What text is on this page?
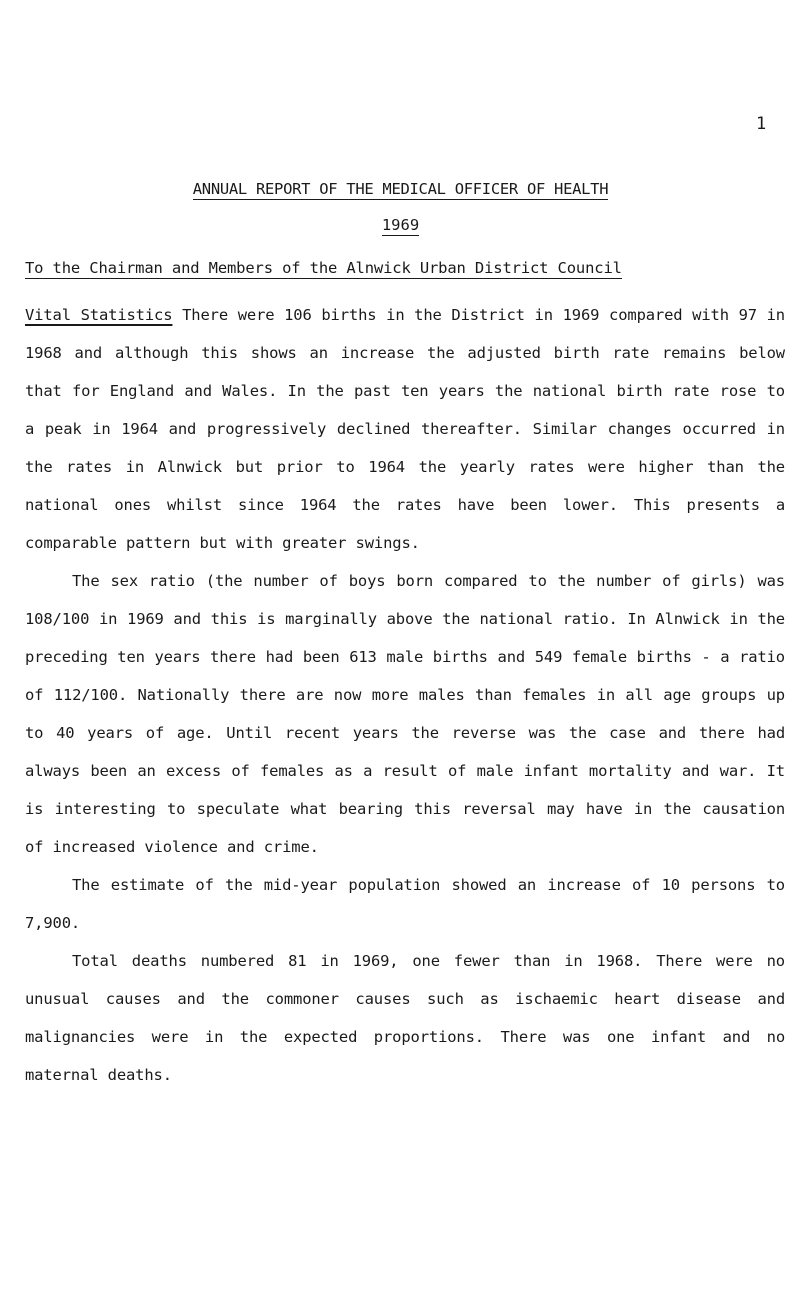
1
ANNUAL REPORT OF THE MEDICAL OFFICER OF HEALTH
1969
To the Chairman and Members of the Alnwick Urban District Council

Vital Statistics There were 106 births in the District in 1969 compared with 97 in 1968 and although this shows an increase the adjusted birth rate remains below that for England and Wales. In the past ten years the national birth rate rose to a peak in 1964 and progressively declined thereafter. Similar changes occurred in the rates in Alnwick but prior to 1964 the yearly rates were higher than the national ones whilst since 1964 the rates have been lower. This presents a comparable pattern but with greater swings.

The sex ratio (the number of boys born compared to the number of girls) was 108/100 in 1969 and this is marginally above the national ratio. In Alnwick in the preceding ten years there had been 613 male births and 549 female births - a ratio of 112/100. Nationally there are now more males than females in all age groups up to 40 years of age. Until recent years the reverse was the case and there had always been an excess of females as a result of male infant mortality and war. It is interesting to speculate what bearing this reversal may have in the causation of increased violence and crime.

The estimate of the mid-year population showed an increase of 10 persons to 7,900.

Total deaths numbered 81 in 1969, one fewer than in 1968. There were no unusual causes and the commoner causes such as ischaemic heart disease and malignancies were in the expected proportions. There was one infant and no maternal deaths.
